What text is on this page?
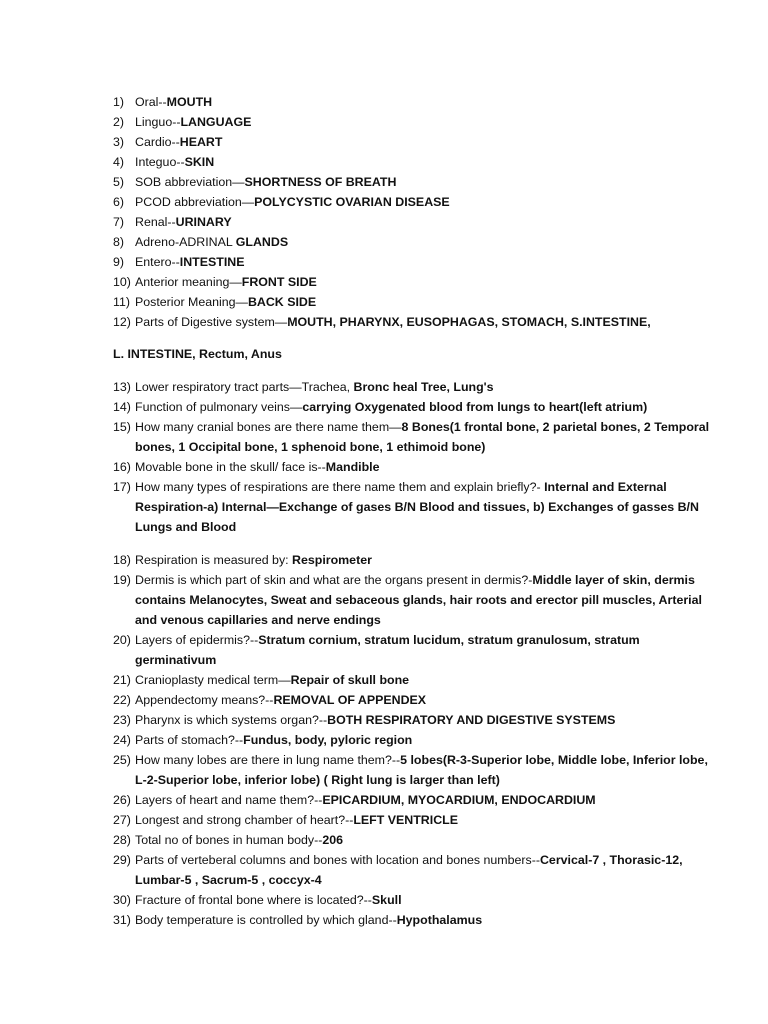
1) Oral--MOUTH
2) Linguo--LANGUAGE
3) Cardio--HEART
4) Integuo--SKIN
5) SOB abbreviation—SHORTNESS OF BREATH
6) PCOD abbreviation—POLYCYSTIC OVARIAN DISEASE
7) Renal--URINARY
8) Adreno-ADRINAL GLANDS
9) Entero--INTESTINE
10) Anterior meaning—FRONT SIDE
11) Posterior Meaning—BACK SIDE
12) Parts of Digestive system—MOUTH, PHARYNX, EUSOPHAGAS, STOMACH, S.INTESTINE,
L. INTESTINE, Rectum, Anus
13) Lower respiratory tract parts—Trachea, Bronc heal Tree, Lung's
14) Function of pulmonary veins—carrying Oxygenated blood from lungs to heart(left atrium)
15) How many cranial bones are there name them—8 Bones(1 frontal bone, 2 parietal bones, 2 Temporal bones, 1 Occipital bone, 1 sphenoid bone, 1 ethimoid bone)
16) Movable bone in the skull/ face is--Mandible
17) How many types of respirations are there name them and explain briefly?- Internal and External Respiration-a) Internal—Exchange of gases B/N Blood and tissues, b) Exchanges of gasses B/N Lungs and Blood
18) Respiration is measured by: Respirometer
19) Dermis is which part of skin and what are the organs present in dermis?-Middle layer of skin, dermis contains Melanocytes, Sweat and sebaceous glands, hair roots and erector pill muscles, Arterial and venous capillaries and nerve endings
20) Layers of epidermis?--Stratum cornium, stratum lucidum, stratum granulosum, stratum germinativum
21) Cranioplasty medical term—Repair of skull bone
22) Appendectomy means?--REMOVAL OF APPENDEX
23) Pharynx is which systems organ?--BOTH RESPIRATORY AND DIGESTIVE SYSTEMS
24) Parts of stomach?--Fundus, body, pyloric region
25) How many lobes are there in lung name them?--5 lobes(R-3-Superior lobe, Middle lobe, Inferior lobe, L-2-Superior lobe, inferior lobe) ( Right lung is larger than left)
26) Layers of heart and name them?--EPICARDIUM, MYOCARDIUM, ENDOCARDIUM
27) Longest and strong chamber of heart?--LEFT VENTRICLE
28) Total no of bones in human body--206
29) Parts of verteberal columns and bones with location and bones numbers--Cervical-7 , Thorasic-12, Lumbar-5 , Sacrum-5 , coccyx-4
30) Fracture of frontal bone where is located?--Skull
31) Body temperature is controlled by which gland--Hypothalamus
